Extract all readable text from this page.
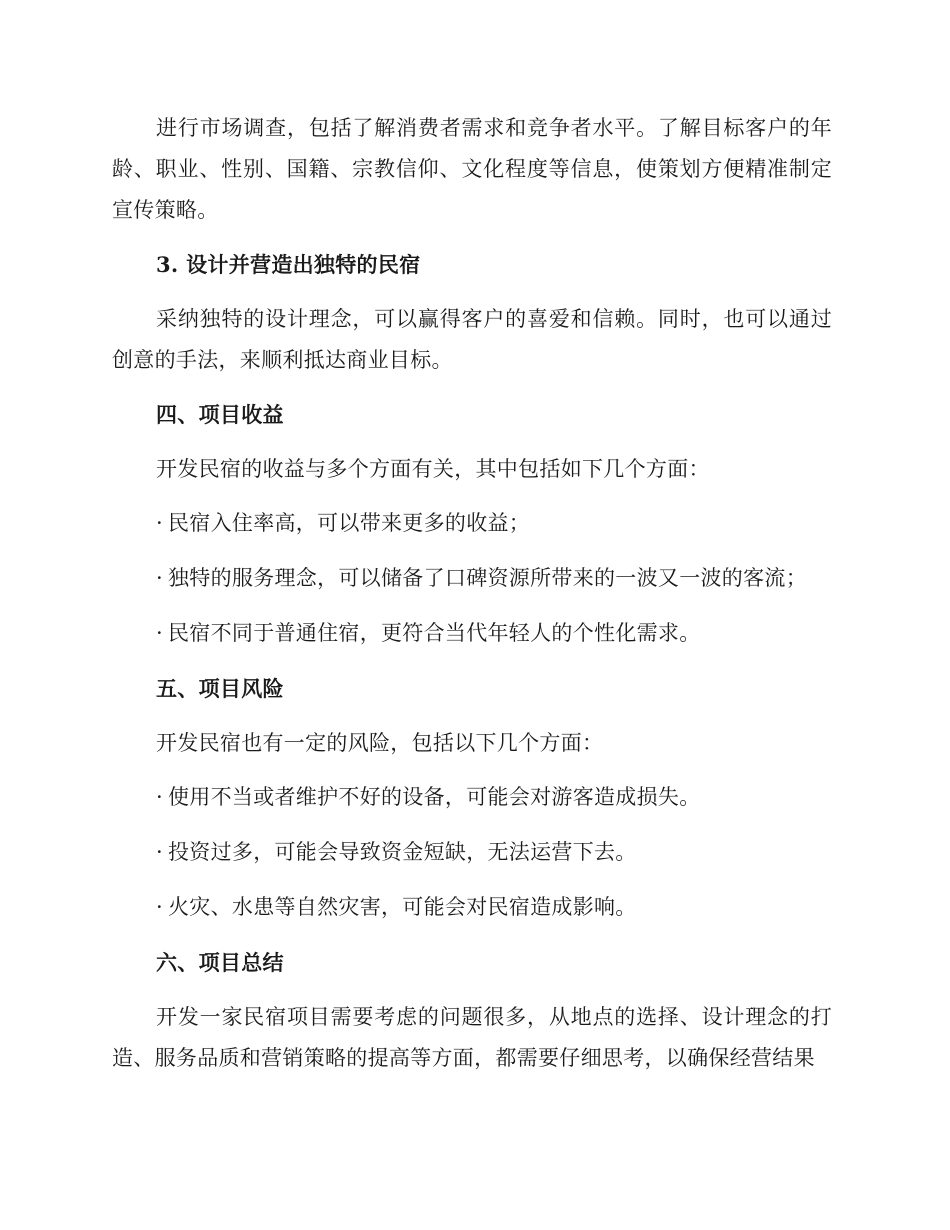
进行市场调查，包括了解消费者需求和竞争者水平。了解目标客户的年龄、职业、性别、国籍、宗教信仰、文化程度等信息，使策划方便精准制定宣传策略。

3. 设计并营造出独特的民宿

采纳独特的设计理念，可以赢得客户的喜爱和信赖。同时，也可以通过创意的手法，来顺利抵达商业目标。

四、项目收益

开发民宿的收益与多个方面有关，其中包括如下几个方面：

· 民宿入住率高，可以带来更多的收益；

· 独特的服务理念，可以储备了口碑资源所带来的一波又一波的客流；

· 民宿不同于普通住宿，更符合当代年轻人的个性化需求。

五、项目风险

开发民宿也有一定的风险，包括以下几个方面：

· 使用不当或者维护不好的设备，可能会对游客造成损失。

· 投资过多，可能会导致资金短缺，无法运营下去。

· 火灾、水患等自然灾害，可能会对民宿造成影响。

六、项目总结

开发一家民宿项目需要考虑的问题很多，从地点的选择、设计理念的打造、服务品质和营销策略的提高等方面，都需要仔细思考，以确保经营结果
